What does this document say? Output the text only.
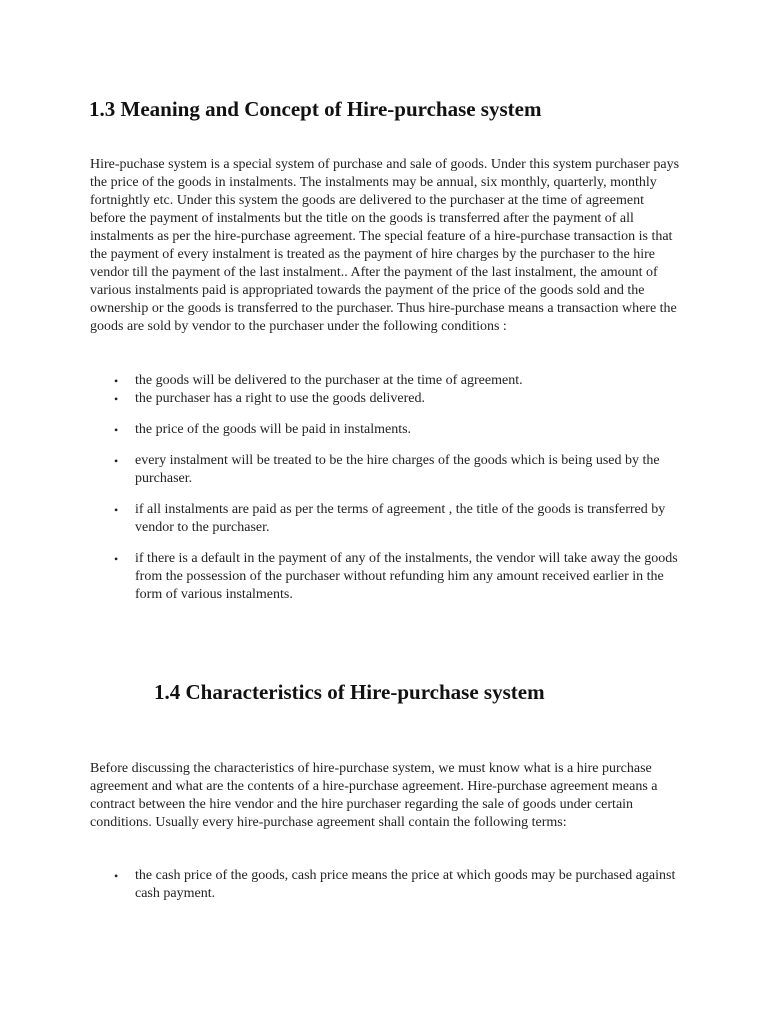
1.3 Meaning and Concept of Hire-purchase system

Hire-puchase system is a special system of purchase and sale of goods. Under this system purchaser pays the price of the goods in instalments. The instalments may be annual, six monthly, quarterly, monthly fortnightly etc. Under this system the goods are delivered to the purchaser at the time of agreement before the payment of instalments but the title on the goods is transferred after the payment of all instalments as per the hire-purchase agreement. The special feature of a hire-purchase transaction is that the payment of every instalment is treated as the payment of hire charges by the purchaser to the hire vendor till the payment of the last instalment.. After the payment of the last instalment, the amount of various instalments paid is appropriated towards the payment of the price of the goods sold and the ownership or the goods is transferred to the purchaser. Thus hire-purchase means a transaction where the goods are sold by vendor to the purchaser under the following conditions :

• the goods will be delivered to the purchaser at the time of agreement.
• the purchaser has a right to use the goods delivered.
• the price of the goods will be paid in instalments.
• every instalment will be treated to be the hire charges of the goods which is being used by the purchaser.
• if all instalments are paid as per the terms of agreement , the title of the goods is transferred by vendor to the purchaser.
• if there is a default in the payment of any of the instalments, the vendor will take away the goods from the possession of the purchaser without refunding him any amount received earlier in the form of various instalments.
1.4 Characteristics of Hire-purchase system

Before discussing the characteristics of hire-purchase system, we must know what is a hire purchase agreement and what are the contents of a hire-purchase agreement. Hire-purchase agreement means a contract between the hire vendor and the hire purchaser regarding the sale of goods under certain conditions. Usually every hire-purchase agreement shall contain the following terms:

• the cash price of the goods, cash price means the price at which goods may be purchased against cash payment.
